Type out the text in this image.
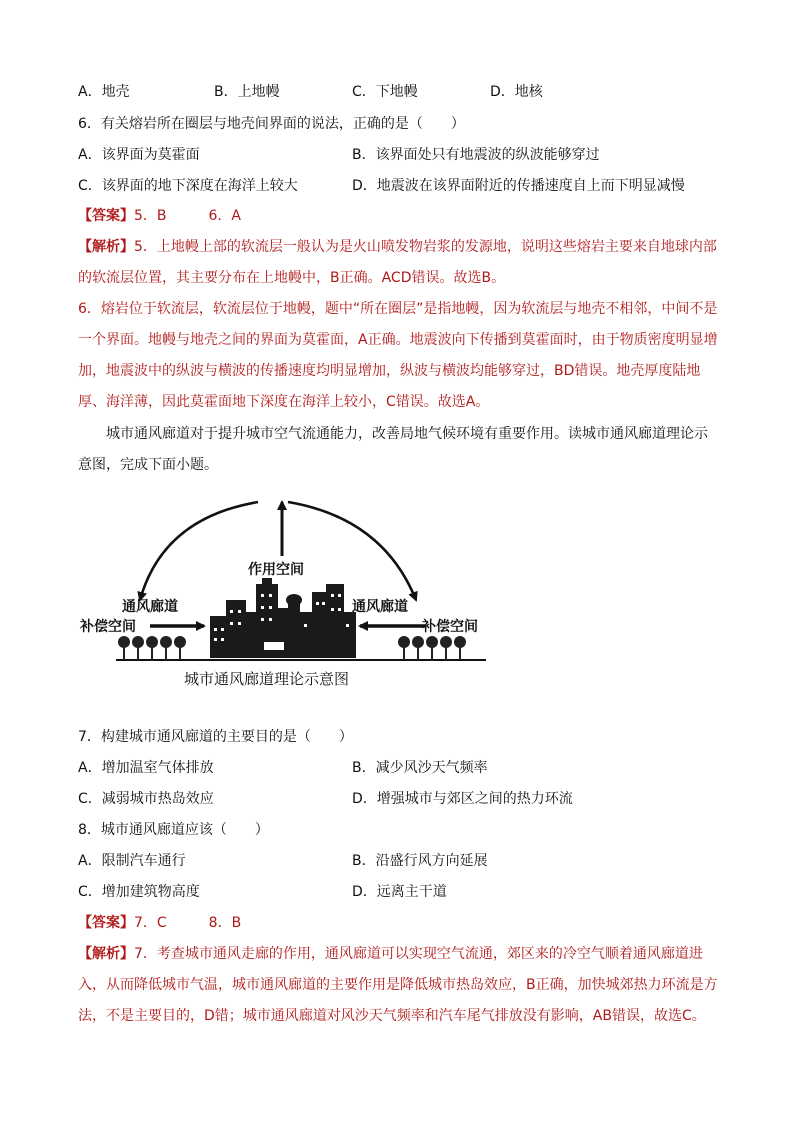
A．地壳	B．上地幔	C．下地幔	D．地核
6．有关熔岩所在圈层与地壳间界面的说法，正确的是（　　）
A．该界面为莫霍面	B．该界面处只有地震波的纵波能够穿过
C．该界面的地下深度在海洋上较大	D．地震波在该界面附近的传播速度自上而下明显减慢
【答案】5．B　　　6．A
【解析】5．上地幔上部的软流层一般认为是火山喷发物岩浆的发源地，说明这些熔岩主要来自地球内部的软流层位置，其主要分布在上地幔中，B正确。ACD错误。故选B。
6．熔岩位于软流层，软流层位于地幔，题中“所在圈层”是指地幔，因为软流层与地壳不相邻，中间不是一个界面。地幔与地壳之间的界面为莫霍面，A正确。地震波向下传播到莫霍面时，由于物质密度明显增加，地震波中的纵波与横波的传播速度均明显增加，纵波与横波均能够穿过，BD错误。地壳厚度陆地厚、海洋薄，因此莫霍面地下深度在海洋上较小，C错误。故选A。
城市通风廊道对于提升城市空气流通能力，改善局地气候环境有重要作用。读城市通风廊道理论示意图，完成下面小题。
作用空间
通风廊道	通风廊道
补偿空间	补偿空间
城市通风廊道理论示意图
7．构建城市通风廊道的主要目的是（　　）
A．增加温室气体排放	B．减少风沙天气频率
C．减弱城市热岛效应	D．增强城市与郊区之间的热力环流
8．城市通风廊道应该（　　）
A．限制汽车通行	B．沿盛行风方向延展
C．增加建筑物高度	D．远离主干道
【答案】7．C　　　8．B
【解析】7．考查城市通风走廊的作用，通风廊道可以实现空气流通，郊区来的冷空气顺着通风廊道进入，从而降低城市气温，城市通风廊道的主要作用是降低城市热岛效应，B正确，加快城郊热力环流是方法，不是主要目的，D错；城市通风廊道对风沙天气频率和汽车尾气排放没有影响，AB错误，故选C。
